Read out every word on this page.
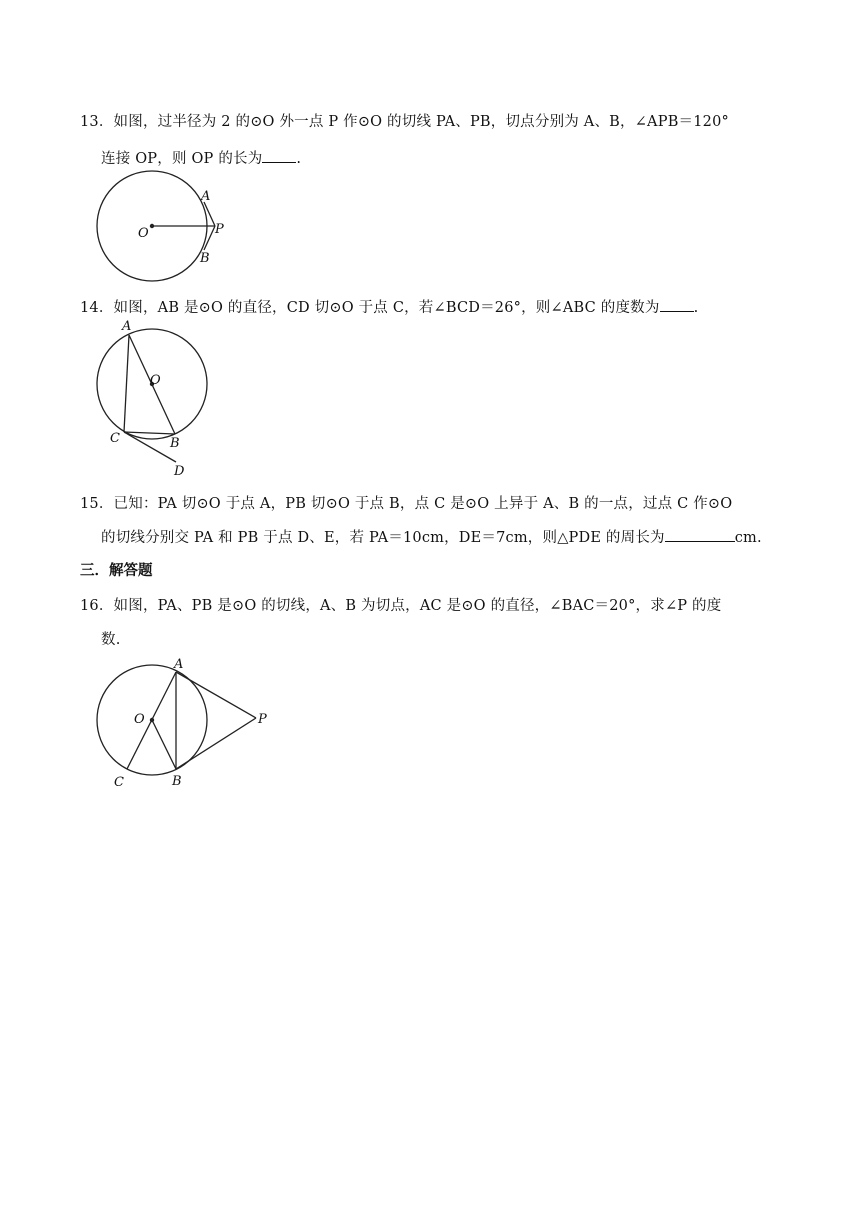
13．如图，过半径为 2 的⊙O 外一点 P 作⊙O 的切线 PA、PB，切点分别为 A、B，∠APB＝120°
连接 OP，则 OP 的长为 .
A
O	P
B
14．如图，AB 是⊙O 的直径，CD 切⊙O 于点 C，若∠BCD＝26°，则∠ABC 的度数为 .
A
O
C	B
D
15．已知：PA 切⊙O 于点 A，PB 切⊙O 于点 B，点 C 是⊙O 上异于 A、B 的一点，过点 C 作⊙O
的切线分别交 PA 和 PB 于点 D、E，若 PA＝10cm，DE＝7cm，则△PDE 的周长为	cm.
三．解答题
16．如图，PA、PB 是⊙O 的切线，A、B 为切点，AC 是⊙O 的直径，∠BAC＝20°，求∠P 的度
数.
A
O	P
C	B
